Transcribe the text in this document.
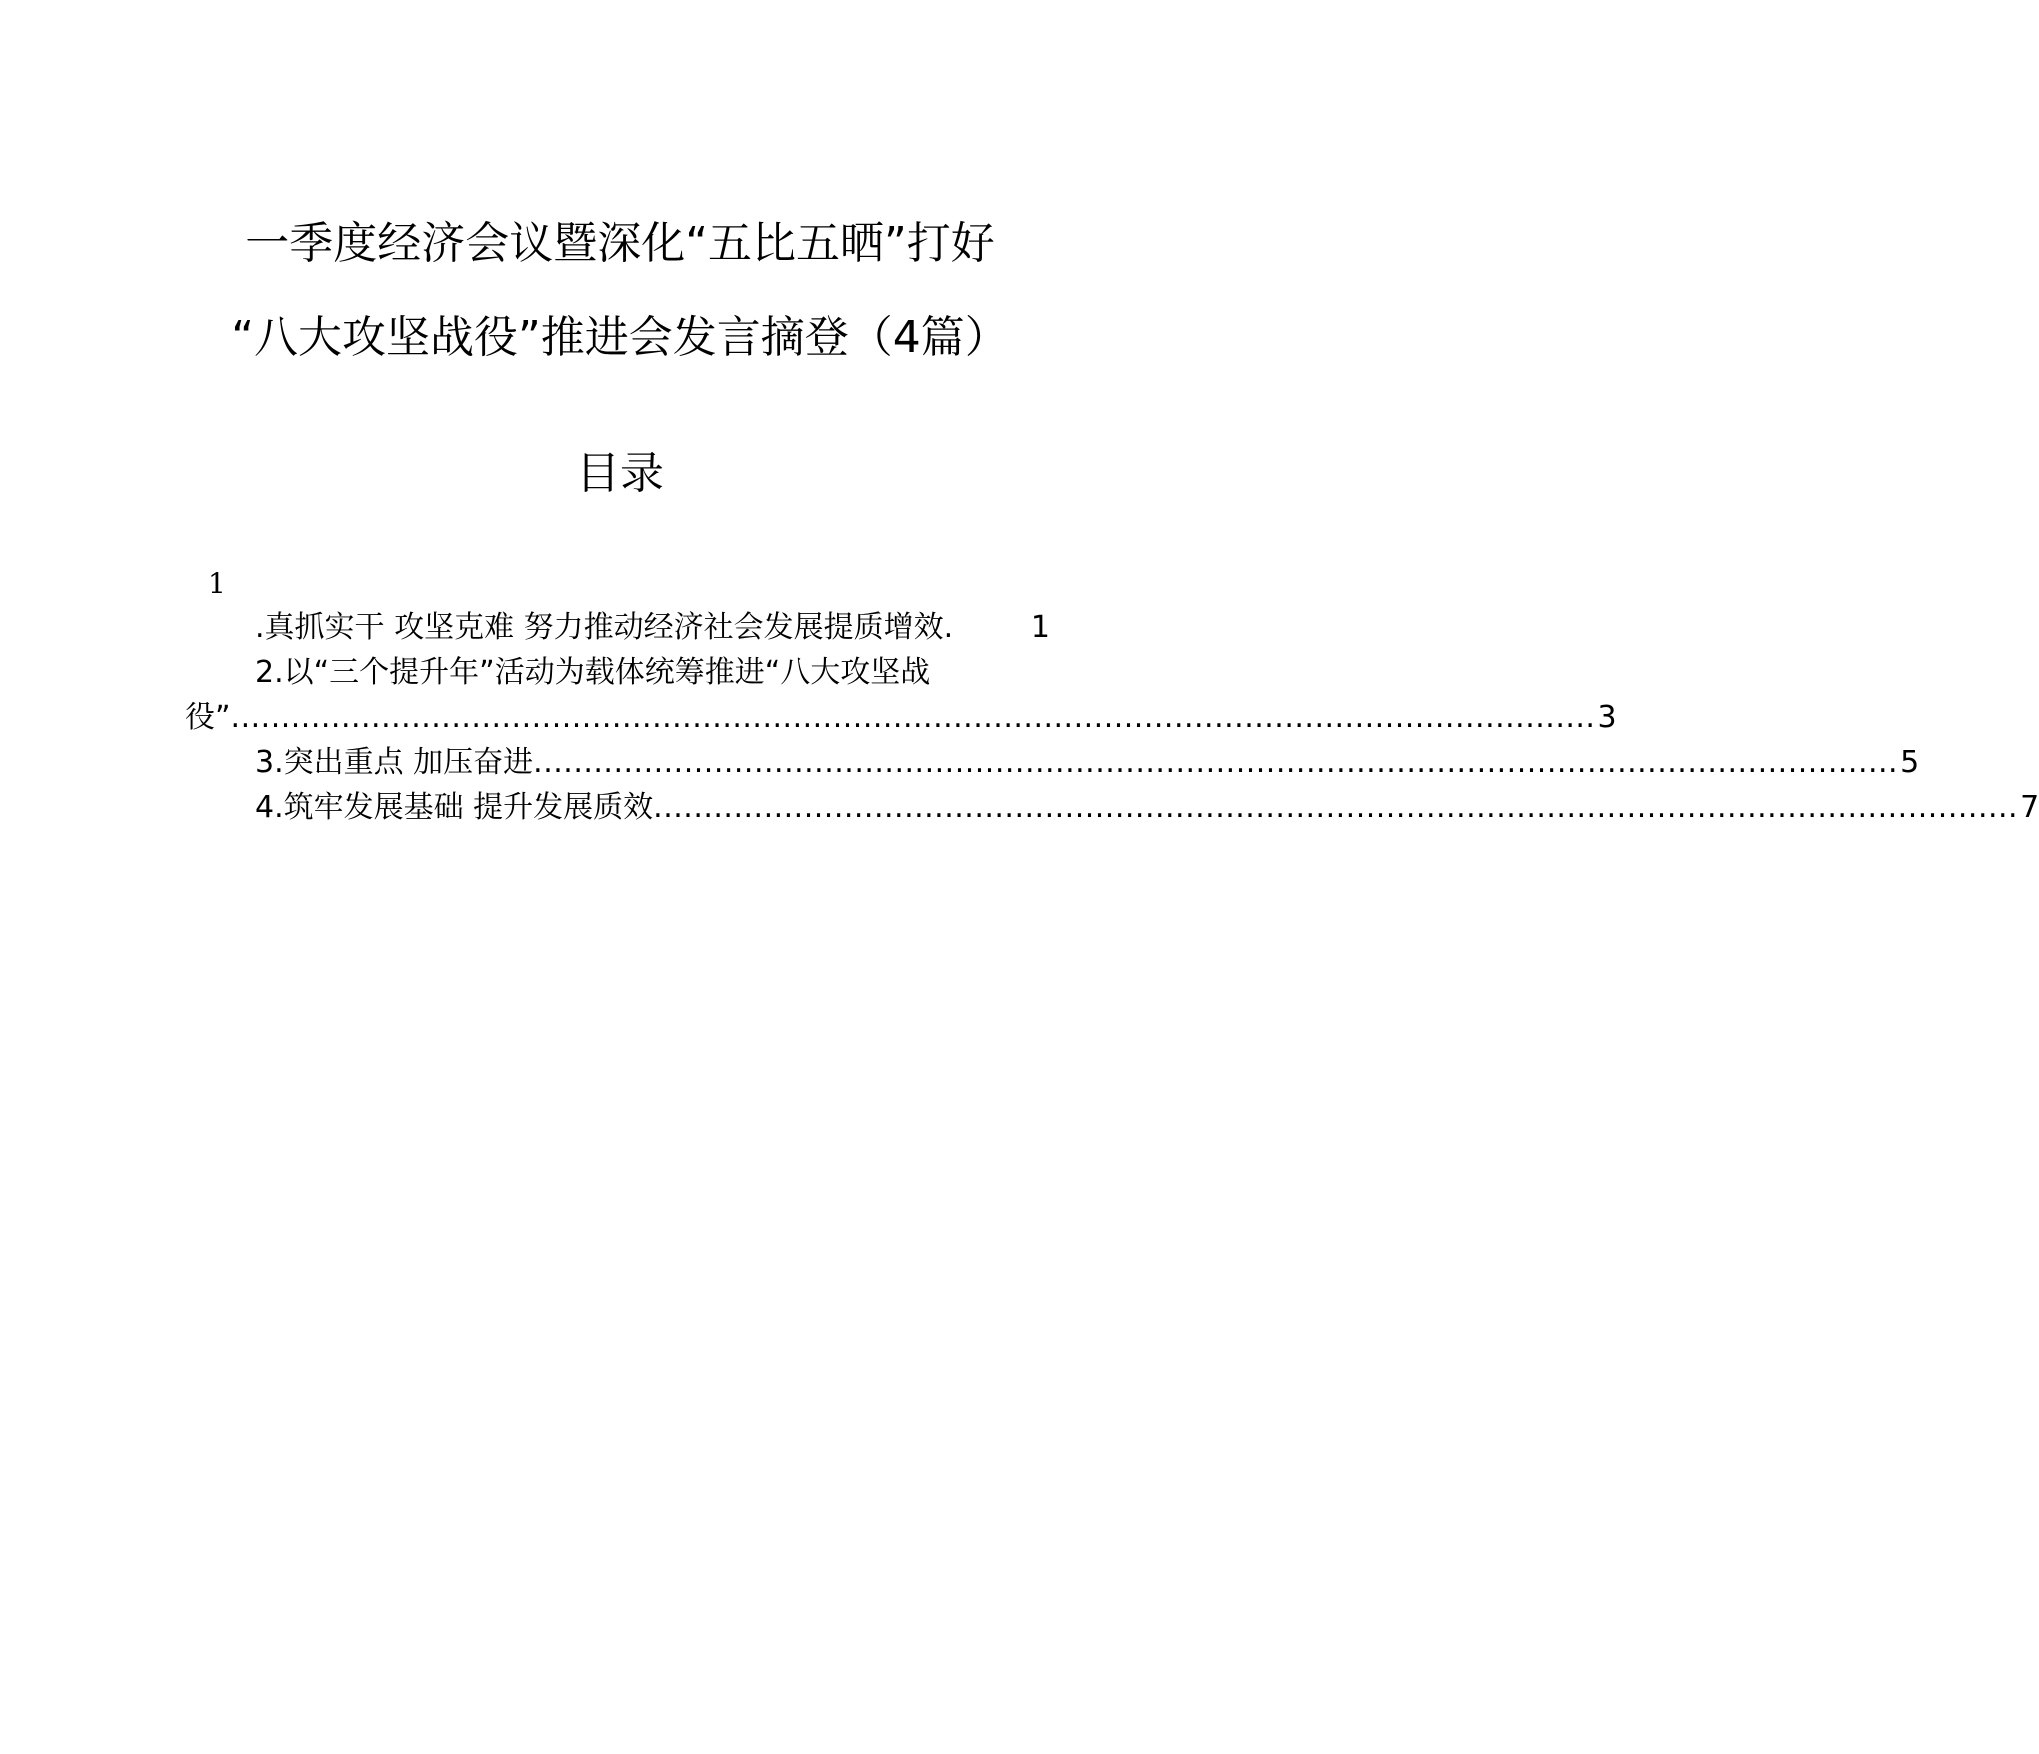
一季度经济会议暨深化“五比五晒”打好
“八大攻坚战役”推进会发言摘登（4篇）
目录
1
.真抓实干 攻坚克难 努力推动经济社会发展提质增效 .	1
2.以“三个提升年”活动为载体统筹推进“八大攻坚战
役” ........................................................................................................................................ 3
3.突出重点 加压奋进 ........................................................................................................................................ 5
4.筑牢发展基础 提升发展质效 ........................................................................................................................................ 7
